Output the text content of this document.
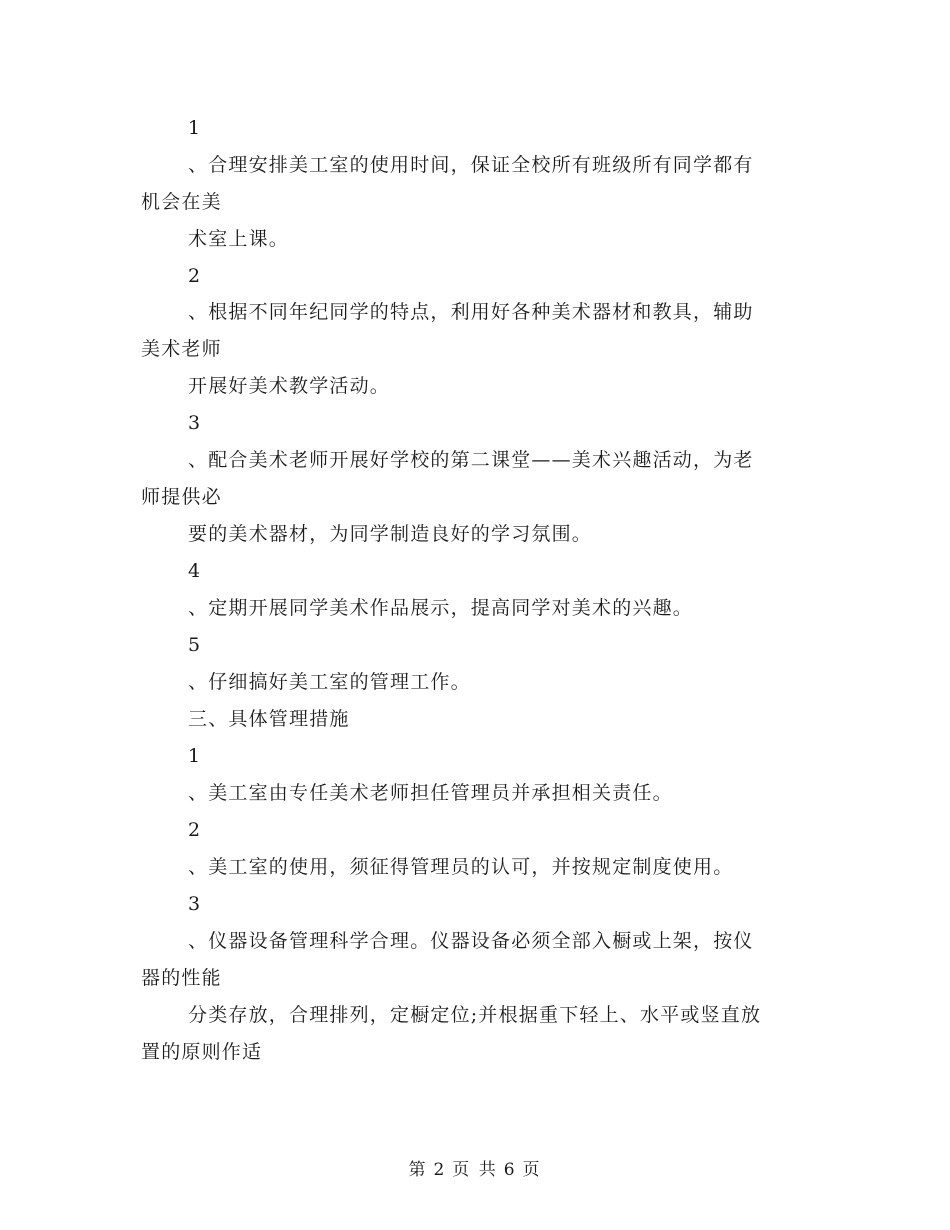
1
、合理安排美工室的使用时间，保证全校所有班级所有同学都有
机会在美
术室上课。
2
、根据不同年纪同学的特点，利用好各种美术器材和教具，辅助
美术老师
开展好美术教学活动。
3
、配合美术老师开展好学校的第二课堂——美术兴趣活动，为老
师提供必
要的美术器材，为同学制造良好的学习氛围。
4
、定期开展同学美术作品展示，提高同学对美术的兴趣。
5
、仔细搞好美工室的管理工作。
三、具体管理措施
1
、美工室由专任美术老师担任管理员并承担相关责任。
2
、美工室的使用，须征得管理员的认可，并按规定制度使用。
3
、仪器设备管理科学合理。仪器设备必须全部入橱或上架，按仪
器的性能
分类存放，合理排列，定橱定位;并根据重下轻上、水平或竖直放
置的原则作适
第 2 页 共 6 页
